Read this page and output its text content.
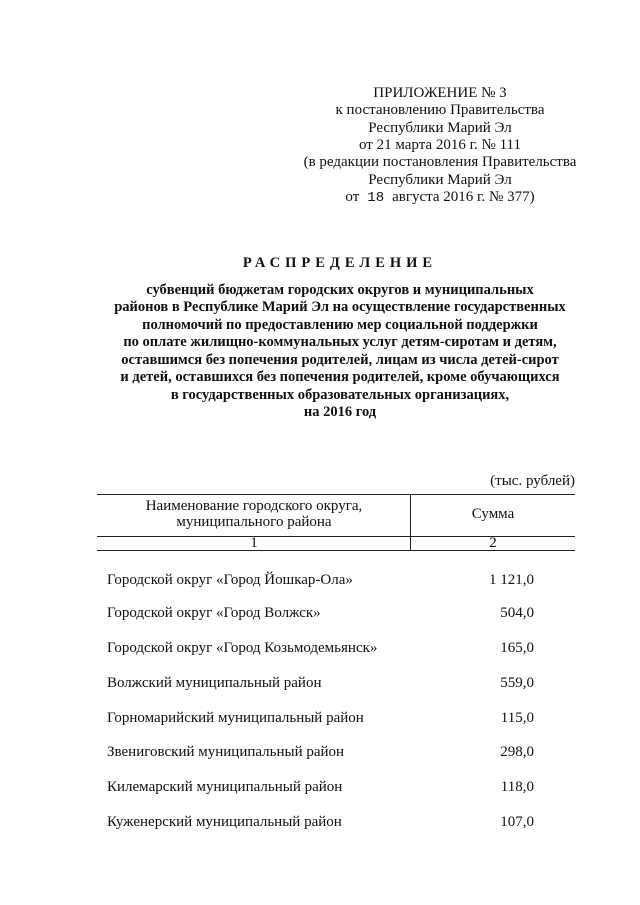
ПРИЛОЖЕНИЕ № 3
к постановлению Правительства
Республики Марий Эл
от 21 марта 2016 г. № 111
(в редакции постановления Правительства
Республики Марий Эл
от 18 августа 2016 г. № 377)
РАСПРЕДЕЛЕНИЕ
субвенций бюджетам городских округов и муниципальных
районов в Республике Марий Эл на осуществление государственных
полномочий по предоставлению мер социальной поддержки
по оплате жилищно-коммунальных услуг детям-сиротам и детям,
оставшимся без попечения родителей, лицам из числа детей-сирот
и детей, оставшихся без попечения родителей, кроме обучающихся
в государственных образовательных организациях,
на 2016 год
(тыс. рублей)
Наименование городского округа,
муниципального района	Сумма
1	2
Городской округ «Город Йошкар-Ола»	1 121,0
Городской округ «Город Волжск»	504,0
Городской округ «Город Козьмодемьянск»	165,0
Волжский муниципальный район	559,0
Горномарийский муниципальный район	115,0
Звениговский муниципальный район	298,0
Килемарский муниципальный район	118,0
Куженерский муниципальный район	107,0
